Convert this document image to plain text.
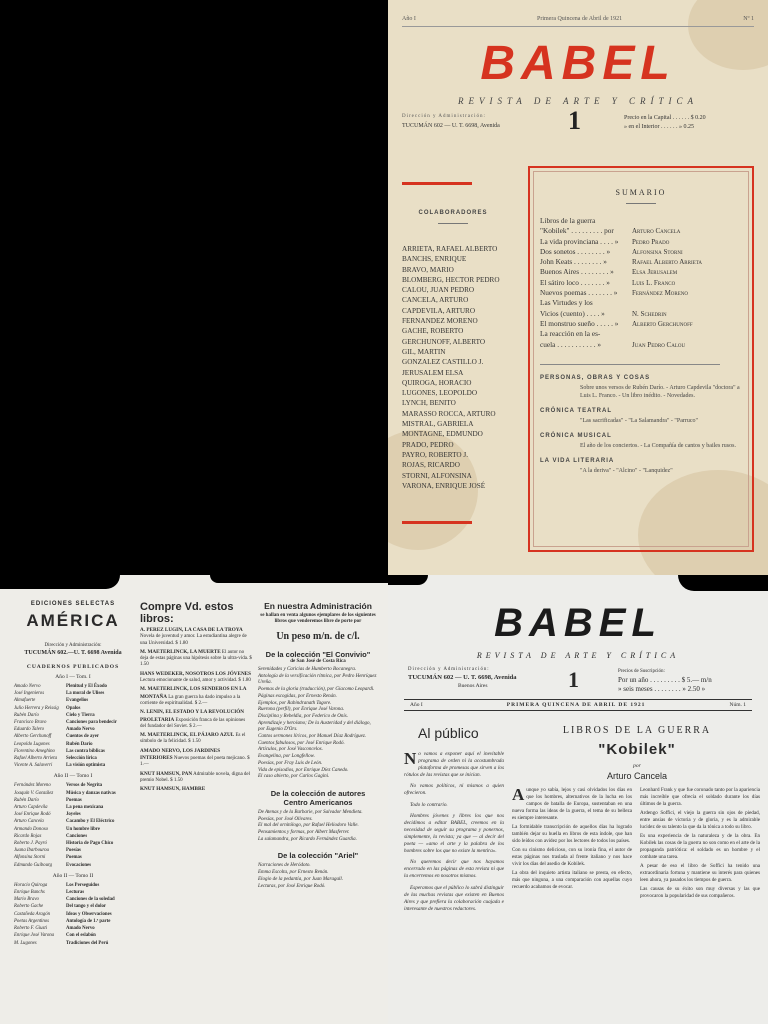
Año I	Primera Quincena de Abril de 1921	Nº 1
BABEL
REVISTA DE ARTE Y CRÍTICA
Dirección y Administración:
TUCUMÁN 602 — U. T. 6698, Avenida	1	Precio en la Capital . . . . . . $ 0.20
» en el Interior . . . . . . » 0.25
COLABORADORES
ARRIETA, RAFAEL ALBERTO
BANCHS, ENRIQUE
BRAVO, MARIO
BLOMBERG, HECTOR PEDRO
CALOU, JUAN PEDRO
CANCELA, ARTURO
CAPDEVILA, ARTURO
FERNANDEZ MORENO
GACHE, ROBERTO
GERCHUNOFF, ALBERTO
GIL, MARTIN
GONZALEZ CASTILLO J.
JERUSALEM ELSA
QUIROGA, HORACIO
LUGONES, LEOPOLDO
LYNCH, BENITO
MARASSO ROCCA, ARTURO
MISTRAL, GABRIELA
MONTAGNE, EDMUNDO
PRADO, PEDRO
PAYRO, ROBERTO J.
ROJAS, RICARDO
STORNI, ALFONSINA
VARONA, ENRIQUE JOSÉ
SUMARIO
Libros de la guerra
"Kobilek" . . . . . . . . . por	Arturo Cancela
La vida provinciana . . . . »	Pedro Prado
Dos sonetos . . . . . . . . »	Alfonsina Storni
John Keats . . . . . . . . »	Rafael Alberto Arrieta
Buenos Aires . . . . . . . . »	Elsa Jerusalem
El sátiro loco . . . . . . . »	Luis L. Franco
Nuevos poemas . . . . . . . »	Fernández Moreno
Las Virtudes y los
Vicios (cuento) . . . . »	N. Schedrin
El monstruo sueño . . . . . »	Alberto Gerchunoff
La reacción en la es-
cuela . . . . . . . . . . . »	Juan Pedro Calou
PERSONAS, OBRAS Y COSAS
Sobre unos versos de Rubén Darío. - Arturo Capdevila "doctora" a Luis L. Franco. - Un libro inédito. - Novedades.
CRÓNICA TEATRAL
"Las sacrificadas" - "La Salamandra" - "Parruco"
CRÓNICA MUSICAL
El año de los conciertos. - La Compañía de cantos y bailes rusos.
LA VIDA LITERARIA
"A la deriva" - "Alcino" - "Lanquidez"
EDICIONES SELECTAS
AMÉRICA
Dirección y Administración:
TUCUMÁN 602.—U. T. 6698 Avenida
CUADERNOS PUBLICADOS
Año I — Tom. I
Amado Nervo	Plenitud y El Éxodo
José Ingenieros	La moral de Ulises
Almafuerte	Evangelios
Julio Herrera y Reissig	Opalos
Rubén Darío	Cielo y Tierra
Francisco Bravo	Canciones para bendecir
Eduardo Talero	Amado Nervo
Alberto Gerchunoff	Cuentos de ayer
Leopoldo Lugones	Rubén Darío
Florentino Ameghino	Las contra bíblicas
Rafael Alberto Arrieta	Selección lírica
Vicente A. Salaverri	La visión optimista
Año II — Tomo I
Fernández Moreno	Versos de Negrita
Joaquín V. González	Música y danzas nativas
Rubén Darío	Poemas
Arturo Capdevila	La pena mexicana
José Enrique Rodó	Joyeles
Arturo Cancela	Cacambo y El Eléctrico
Armando Donoso	Un hombre libre
Ricardo Rojas	Canciones
Roberto J. Payró	Historia de Pago Chico
Juana Ibarbourou	Poesías
Alfonsina Storni	Poemas
Edmundo Guibourg	Evocaciones
Año II — Tomo II
Horacio Quiroga	Los Perseguidos
Enrique Banchs	Lecturas
Mario Bravo	Canciones de la soledad
Roberto Gache	Del tango y el dolor
Castañeda Aragón	Ideas y Observaciones
Poetas Argentinos	Antología de 1.ª parte
Roberto F. Giusti	Amado Nervo
Enrique José Varona	Con el eslabón
M. Lugones	Tradiciones del Perú
Compre Vd. estos libros:
A. PEREZ LUGIN, LA CASA DE LA TROYA Novela de juventud y amor. La estudiantina alegre de una Universidad. $ 1.80
M. MAETERLINCK, LA MUERTE El autor no deja de estas páginas una hipótesis sobre la ultra-vida. $ 1.50
HANS WEDEKER, NOSOTROS LOS JÓVENES Lectura emocionante de salud, amor y actividad. $ 1.80
M. MAETERLINCK, LOS SENDEROS EN LA MONTAÑA La gran guerra ha dado impulso a la corriente de espiritualidad. $ 2.—
N. LENIN, EL ESTADO Y LA REVOLUCIÓN PROLETARIA Exposición franca de las opiniones del fundador del Soviet. $ 2.—
M. MAETERLINCK, EL PÁJARO AZUL Es el símbolo de la felicidad. $ 1.50
AMADO NERVO, LOS JARDINES INTERIORES Nuevos poemas del poeta mejicano. $ 1.—
KNUT HAMSUN, PAN Admirable novela, digna del premio Nobel. $ 1.50
KNUT HAMSUN, HAMBRE
En nuestra Administración
se hallan en venta algunos ejemplares de los siguientes libros que venderemos libre de porte por
Un peso m/n. de c/l.
De la colección "El Convivio"
de San José de Costa Rica
Serenidades y Caricias de Humberto Bocanegra.
Antología de la versificación rítmica, por Pedro Henríquez Ureña.
Poemas de la gloria (traducción), por Giacomo Leopardi.
Páginas escogidas, por Ernesto Renán.
Ejemplos, por Rabindranath Tagore.
Ruerona (perfil), por Enrique José Varona.
Disciplina y Rebeldía, por Federico de Onís.
Aprendizaje y heroísmo; De la Austeridad y del diálogo, por Eugenio D'Ors.
Cantos sermones líricos, por Manuel Díaz Rodríguez.
Cuentos fabulosos, por José Enrique Rodó.
Artículos, por José Vasconcelos.
Evangelina, por Longfellow.
Poesías, por Fray Luis de León.
Vida de episodios, por Enrique Díez Canedo.
El caso abierto, por Carlos Gagini.
De la colección de autores Centro Americanos
De Atenas y de la Barbarie, por Salvador Mendieta.
Poesías, por José Olivares.
El mal del ornitólogo, por Rafael Heliodoro Valle.
Pensamientos y formas, por Albert Masferrer.
La salamandra, por Ricardo Fernández Guardia.
De la colección "Ariel"
Narraciones de Heródoto.
Emma Escolta, por Ernesto Renán.
Elogio de la pedantía, por Juan Maragall.
Lecturas, por José Enrique Rodó.
BABEL
REVISTA DE ARTE Y CRÍTICA
Dirección y Administración:
TUCUMÁN 602 — U. T. 6698, Avenida
Buenos Aires	1	Precios de Suscripción:
Por un año . . . . . . . . . $ 5.— m/n
» seis meses . . . . . . . . » 2.50 »
Año I	PRIMERA QUINCENA DE ABRIL DE 1921	Núm. 1
Al público
N o vamos a exponer aquí el inevitable programa de orden ni la acostumbrada plataforma de promesas que sirven a los rótulos de las revistas que se inician.

No vamos políticos, ni mismos a quien ofrecieron.

Todo lo contrario.

Hombres jóvenes y libres los que nos decidimos a editar BABEL, creemos en la necesidad de seguir su programa y ponernos, simplemente, la revista; ya que — al decir del poeta — «amo el arte y la palabra de los hombres sobre los que no existe la mentira».

No queremos decir que nos hayamos encerrado en las páginas de esta revista ni que la encerremos en nosotros mismos.

Esperamos que el público lo sabrá distinguir de las muchas revistas que existen en Buenos Aires y que prefiera la colaboración cuajada e interesante de nuestros redactores.

LIBROS DE LA GUERRA
"Kobilek"
por
Arturo Cancela
A unque yo sabía, lejos y casi olvidados los días en que los hombres, alternativos de la lucha en los campos de batalla de Europa, sustentaban en una nueva forma las ideas de la guerra, el tema de su belleza es siempre interesante.

La formidable transcripción de aquellos días ha logrado también dejar su huella en libros de esta índole, que han sido leídos con avidez por los lectores de todos los países.

Con su cinismo delicioso, con su ironía fina, el autor de estas páginas nos traslada al frente italiano y nos hace vivir los días del asedio de Kobilek.

La obra del inquieto artista italiano se presta, en efecto, más que ninguna, a una comparación con aquellas cuyo recuerdo acabamos de evocar.

Leonhard Frank y que fue coronado tanto por la apariencia más increíble que ofrecía el soldado durante los días últimos de la guerra.

Ardengo Soffici, el viejo la guerra sin ojos de piedad, entre ansias de victoria y de gloria, y es la admirable lucidez de su talento la que da la tónica a todo su libro.

Es una experiencia de la naturaleza y de la obra. En Kobilek las cosas de la guerra no son como en el arte de la propaganda patriótica: el soldado es un hombre y el combate una tarea.

A pesar de eso el libro de Soffici ha tenido una extraordinaria fortuna y mantiene su interés para quienes leen ahora, ya pasados los tiempos de guerra.

Las causas de su éxito son muy diversas y las que provocaron la popularidad de sus compañeros.
